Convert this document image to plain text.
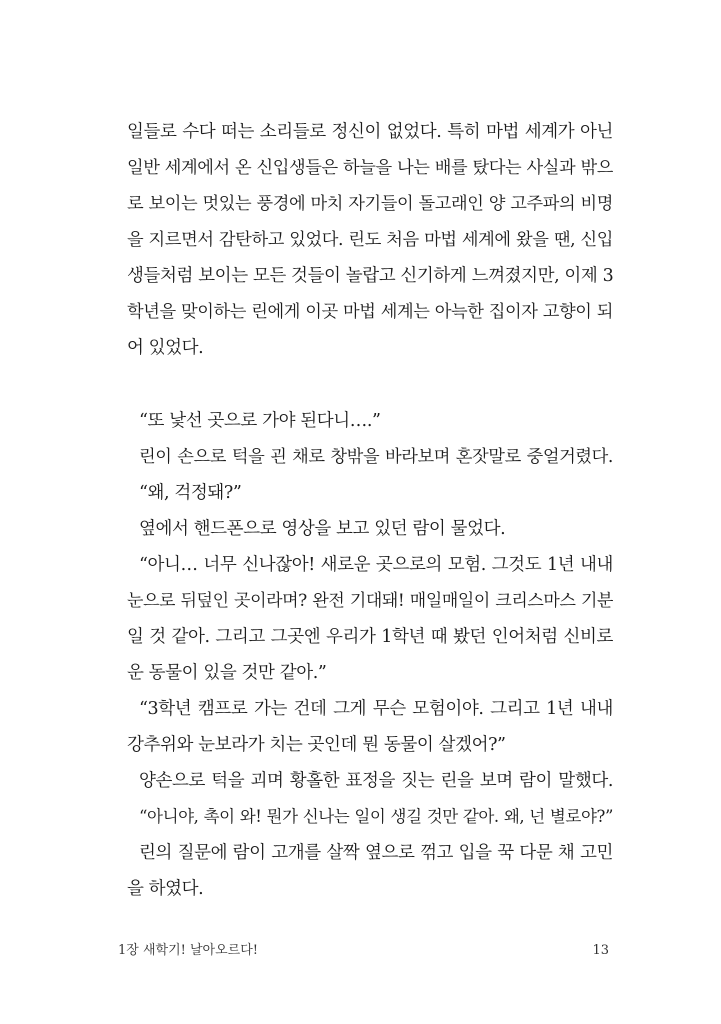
일들로 수다 떠는 소리들로 정신이 없었다. 특히 마법 세계가 아닌
일반 세계에서 온 신입생들은 하늘을 나는 배를 탔다는 사실과 밖으
로 보이는 멋있는 풍경에 마치 자기들이 돌고래인 양 고주파의 비명
을 지르면서 감탄하고 있었다. 린도 처음 마법 세계에 왔을 땐, 신입
생들처럼 보이는 모든 것들이 놀랍고 신기하게 느껴졌지만, 이제 3
학년을 맞이하는 린에게 이곳 마법 세계는 아늑한 집이자 고향이 되
어 있었다.
“또 낯선 곳으로 가야 된다니….”
린이 손으로 턱을 괸 채로 창밖을 바라보며 혼잣말로 중얼거렸다.
“왜, 걱정돼?”
옆에서 핸드폰으로 영상을 보고 있던 람이 물었다.
“아니… 너무 신나잖아! 새로운 곳으로의 모험. 그것도 1년 내내
눈으로 뒤덮인 곳이라며? 완전 기대돼! 매일매일이 크리스마스 기분
일 것 같아. 그리고 그곳엔 우리가 1학년 때 봤던 인어처럼 신비로
운 동물이 있을 것만 같아.”
“3학년 캠프로 가는 건데 그게 무슨 모험이야. 그리고 1년 내내
강추위와 눈보라가 치는 곳인데 뭔 동물이 살겠어?”
양손으로 턱을 괴며 황홀한 표정을 짓는 린을 보며 람이 말했다.
“아니야, 촉이 와! 뭔가 신나는 일이 생길 것만 같아. 왜, 넌 별로야?”
린의 질문에 람이 고개를 살짝 옆으로 꺾고 입을 꾹 다문 채 고민
을 하였다.
1장 새학기! 날아오르다!	13
